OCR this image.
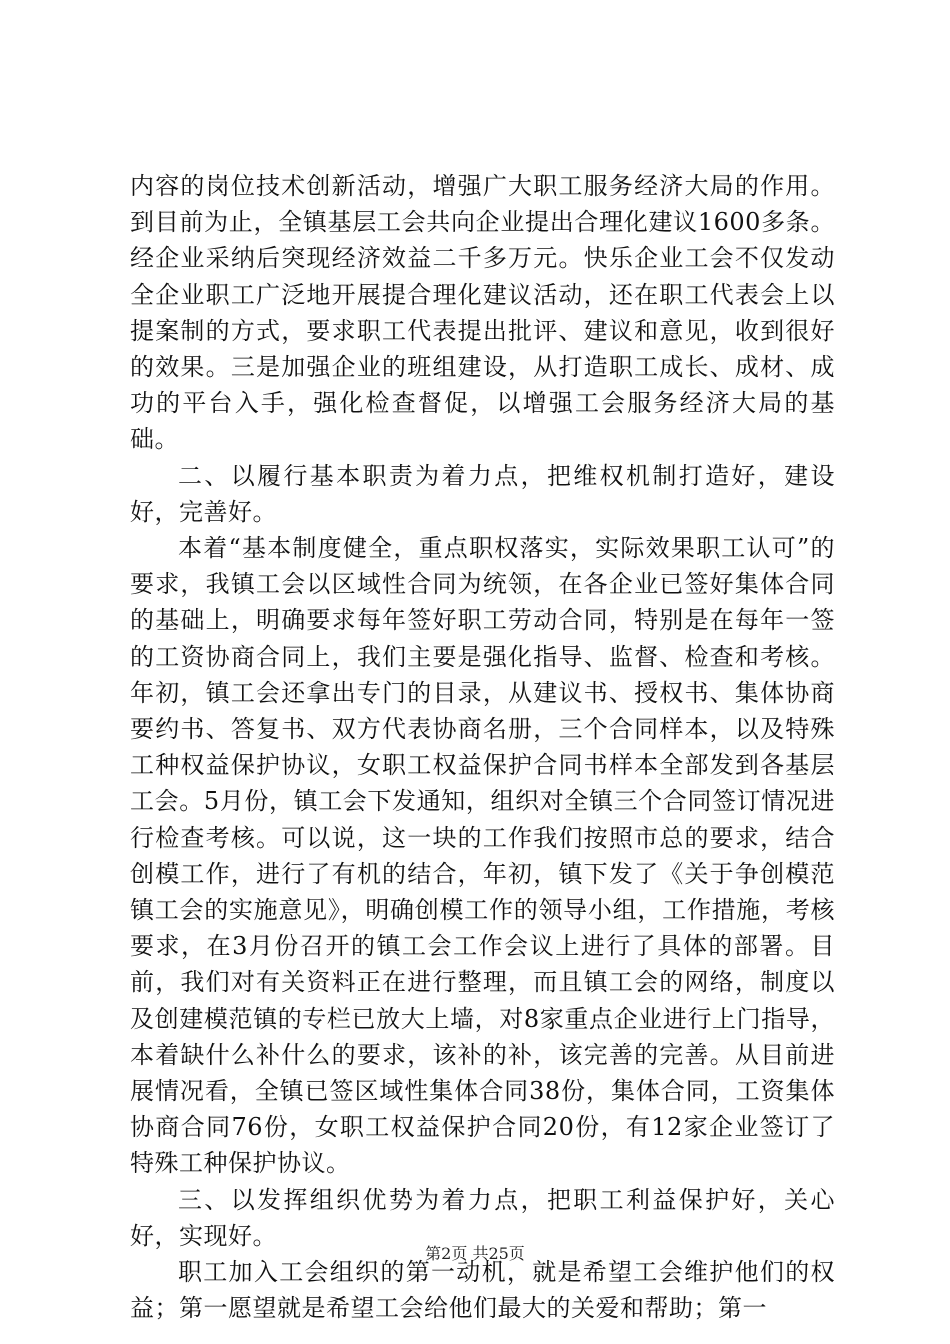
内容的岗位技术创新活动，增强广大职工服务经济大局的作用。到目前为止，全镇基层工会共向企业提出合理化建议1600多条。经企业采纳后突现经济效益二千多万元。快乐企业工会不仅发动全企业职工广泛地开展提合理化建议活动，还在职工代表会上以提案制的方式，要求职工代表提出批评、建议和意见，收到很好的效果。三是加强企业的班组建设，从打造职工成长、成材、成功的平台入手，强化检查督促，以增强工会服务经济大局的基础。

二、以履行基本职责为着力点，把维权机制打造好，建设好，完善好。

本着“基本制度健全，重点职权落实，实际效果职工认可”的要求，我镇工会以区域性合同为统领，在各企业已签好集体合同的基础上，明确要求每年签好职工劳动合同，特别是在每年一签的工资协商合同上，我们主要是强化指导、监督、检查和考核。年初，镇工会还拿出专门的目录，从建议书、授权书、集体协商要约书、答复书、双方代表协商名册，三个合同样本，以及特殊工种权益保护协议，女职工权益保护合同书样本全部发到各基层工会。5月份，镇工会下发通知，组织对全镇三个合同签订情况进行检查考核。可以说，这一块的工作我们按照市总的要求，结合创模工作，进行了有机的结合，年初，镇下发了《关于争创模范镇工会的实施意见》，明确创模工作的领导小组，工作措施，考核要求，在3月份召开的镇工会工作会议上进行了具体的部署。目前，我们对有关资料正在进行整理，而且镇工会的网络，制度以及创建模范镇的专栏已放大上墙，对8家重点企业进行上门指导，本着缺什么补什么的要求，该补的补，该完善的完善。从目前进展情况看，全镇已签区域性集体合同38份，集体合同，工资集体协商合同76份，女职工权益保护合同20份，有12家企业签订了特殊工种保护协议。

三、以发挥组织优势为着力点，把职工利益保护好，关心好，实现好。

职工加入工会组织的第一动机，就是希望工会维护他们的权益；第一愿望就是希望工会给他们最大的关爱和帮助；第一

第2页 共25页
